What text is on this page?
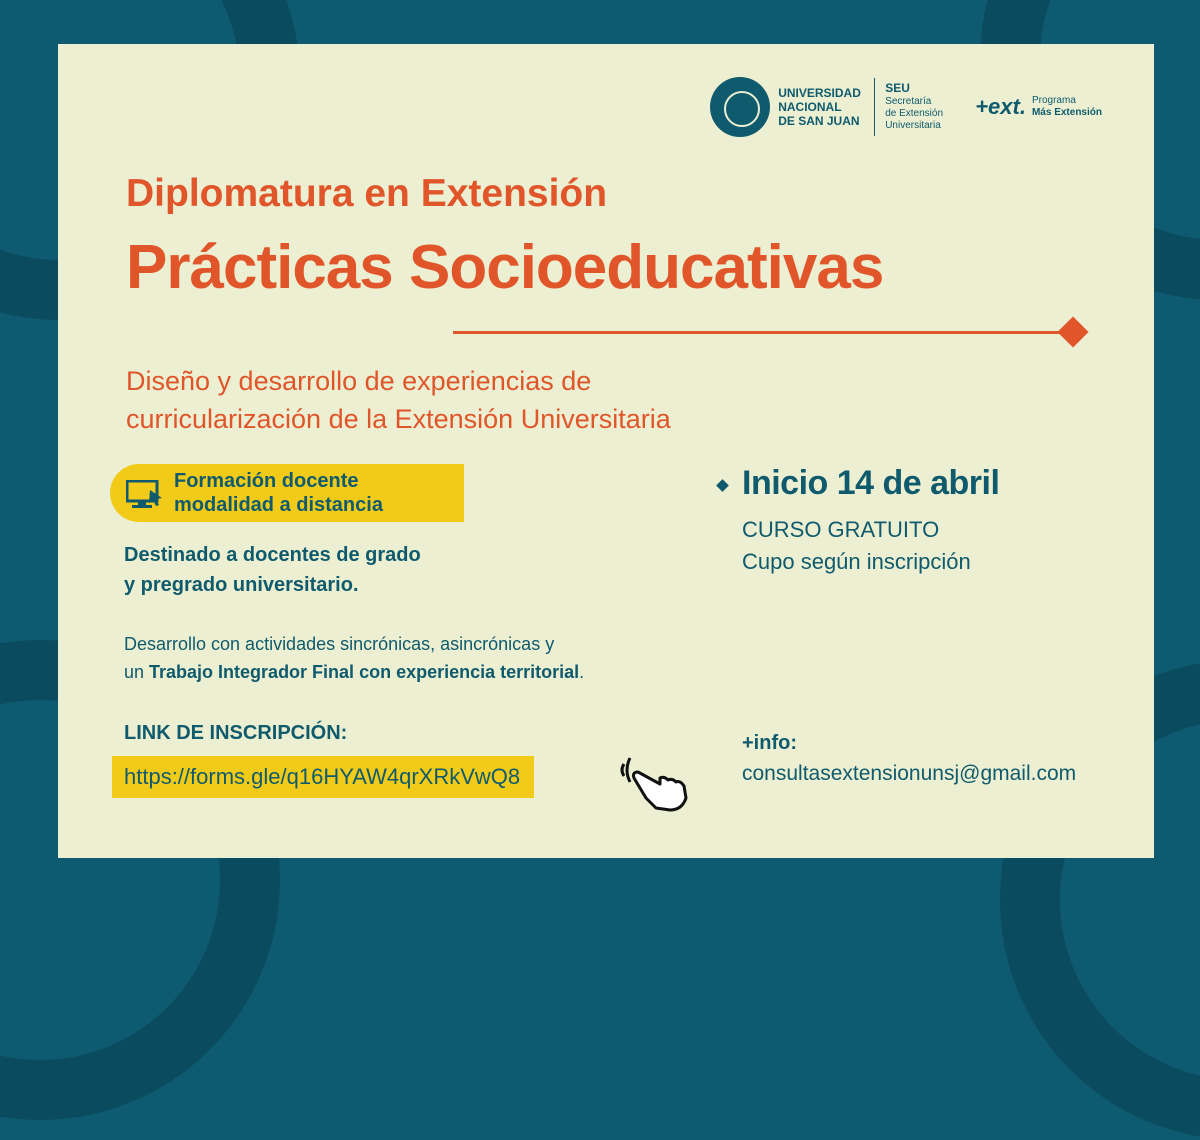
UNIVERSIDAD
NACIONAL
DE SAN JUAN
SEU
Secretaría
de Extensión
Universitaria
+ext. Programa
Más Extensión
Diplomatura en Extensión
Prácticas Socioeducativas
Diseño y desarrollo de experiencias de
curricularización de la Extensión Universitaria
Formación docente
modalidad a distancia
Destinado a docentes de grado
y pregrado universitario.
Desarrollo con actividades sincrónicas, asincrónicas y
un Trabajo Integrador Final con experiencia territorial.
Inicio 14 de abril
CURSO GRATUITO
Cupo según inscripción
LINK DE INSCRIPCIÓN:
https://forms.gle/q16HYAW4qrXRkVwQ8
+info:
consultasextensionunsj@gmail.com
